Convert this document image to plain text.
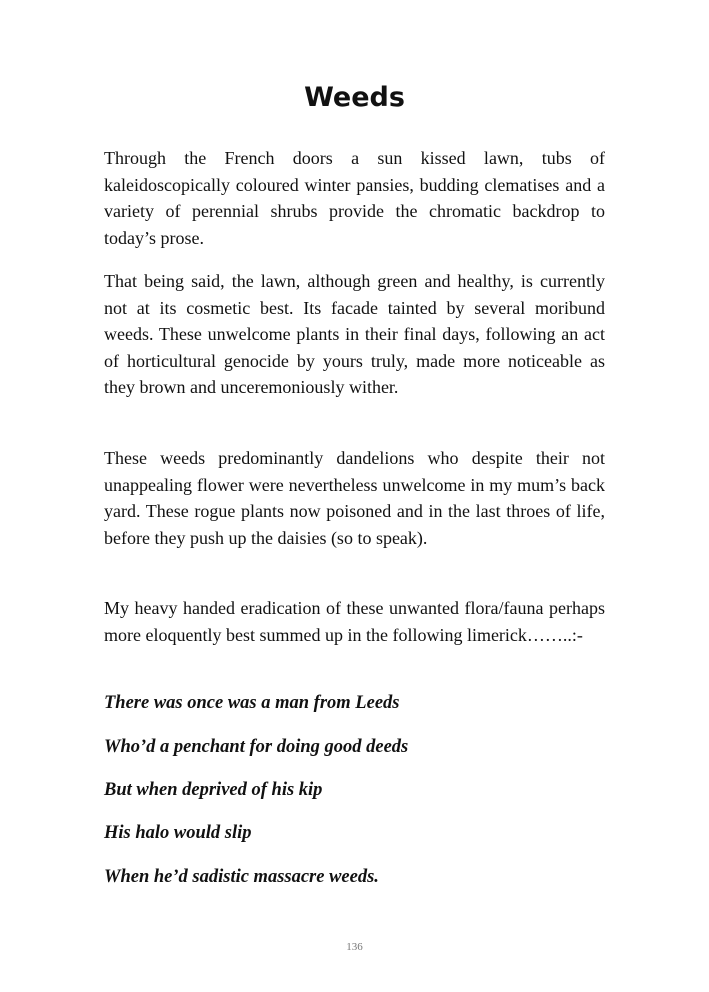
Weeds

Through the French doors a sun kissed lawn, tubs of kaleidoscopically coloured winter pansies, budding clematises and a variety of perennial shrubs provide the chromatic backdrop to today’s prose.

That being said, the lawn, although green and healthy, is currently not at its cosmetic best. Its facade tainted by several moribund weeds. These unwelcome plants in their final days, following an act of horticultural genocide by yours truly, made more noticeable as they brown and unceremoniously wither.

These weeds predominantly dandelions who despite their not unappealing flower were nevertheless unwelcome in my mum’s back yard. These rogue plants now poisoned and in the last throes of life, before they push up the daisies (so to speak).

My heavy handed eradication of these unwanted flora/fauna perhaps more eloquently best summed up in the following limerick……..:-

There was once was a man from Leeds

Who’d a penchant for doing good deeds

But when deprived of his kip

His halo would slip

When he’d sadistic massacre weeds.

136
